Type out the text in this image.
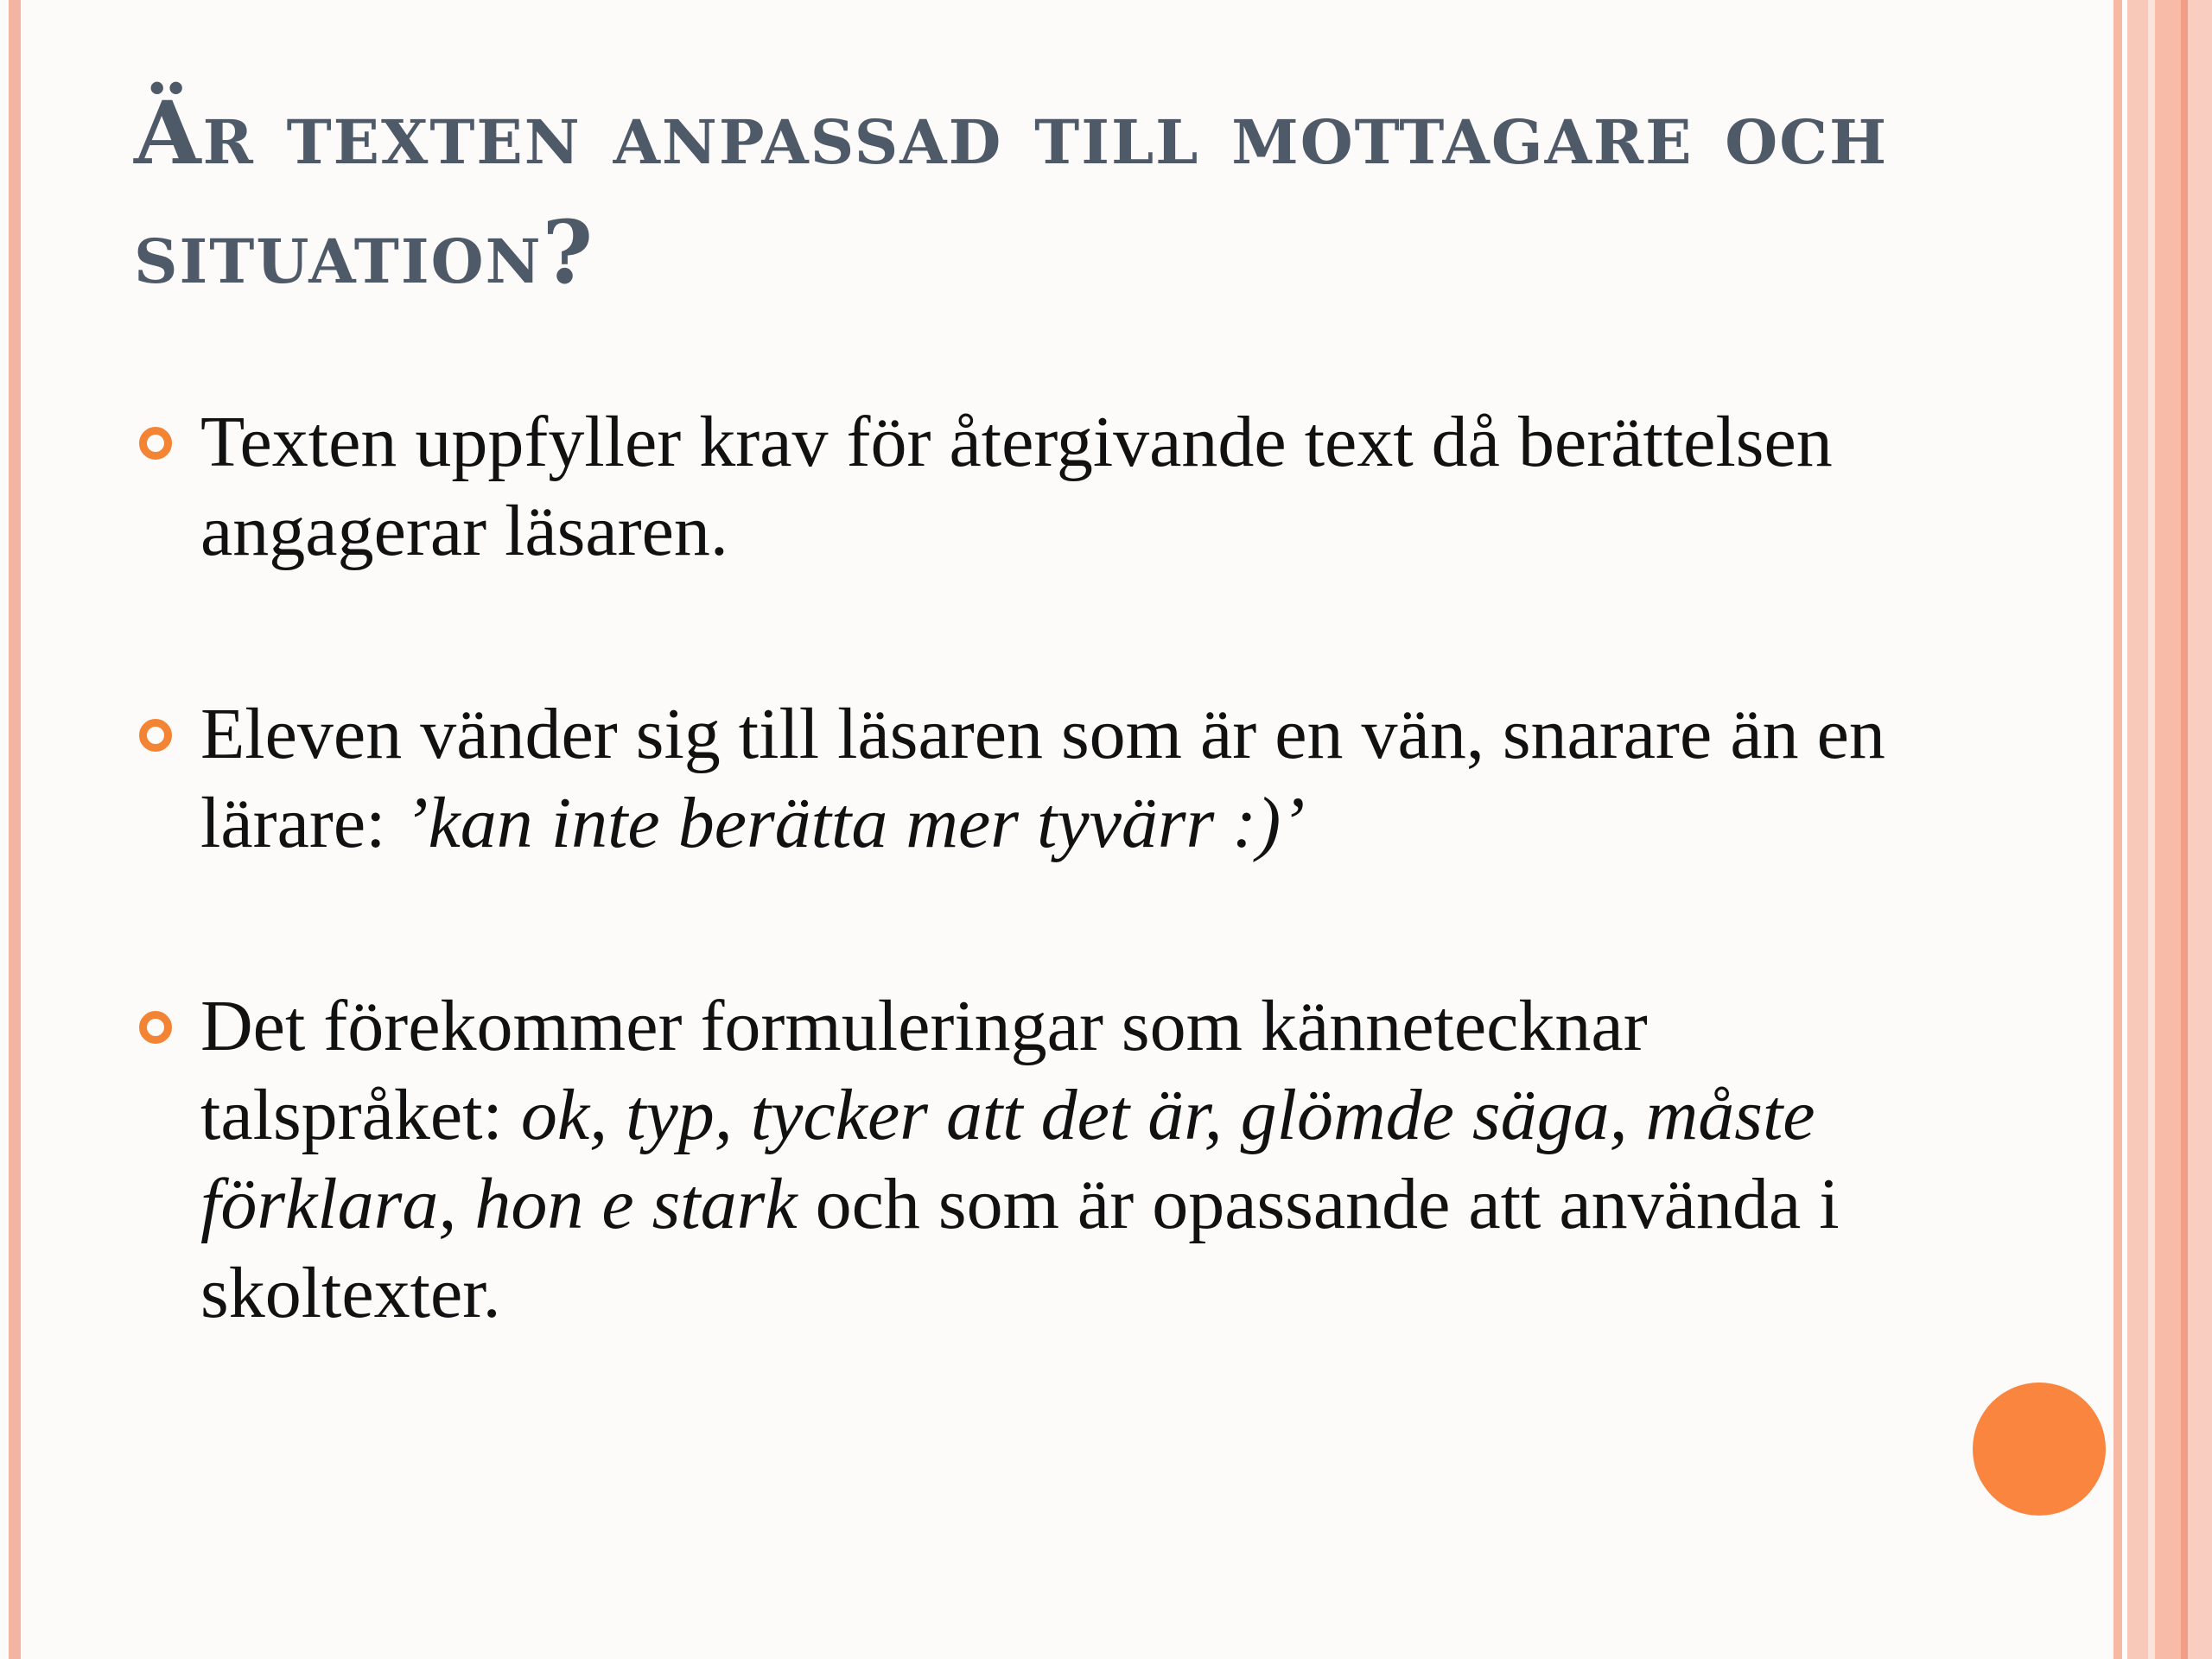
Är texten anpassad till mottagare och situation?
Texten uppfyller krav för återgivande text då berättelsen angagerar läsaren.
Eleven vänder sig till läsaren som är en vän, snarare än en lärare: ’kan inte berätta mer tyvärr :)’
Det förekommer formuleringar som kännetecknar talspråket: ok, typ, tycker att det är, glömde säga, måste förklara, hon e stark och som är opassande att använda i skoltexter.
